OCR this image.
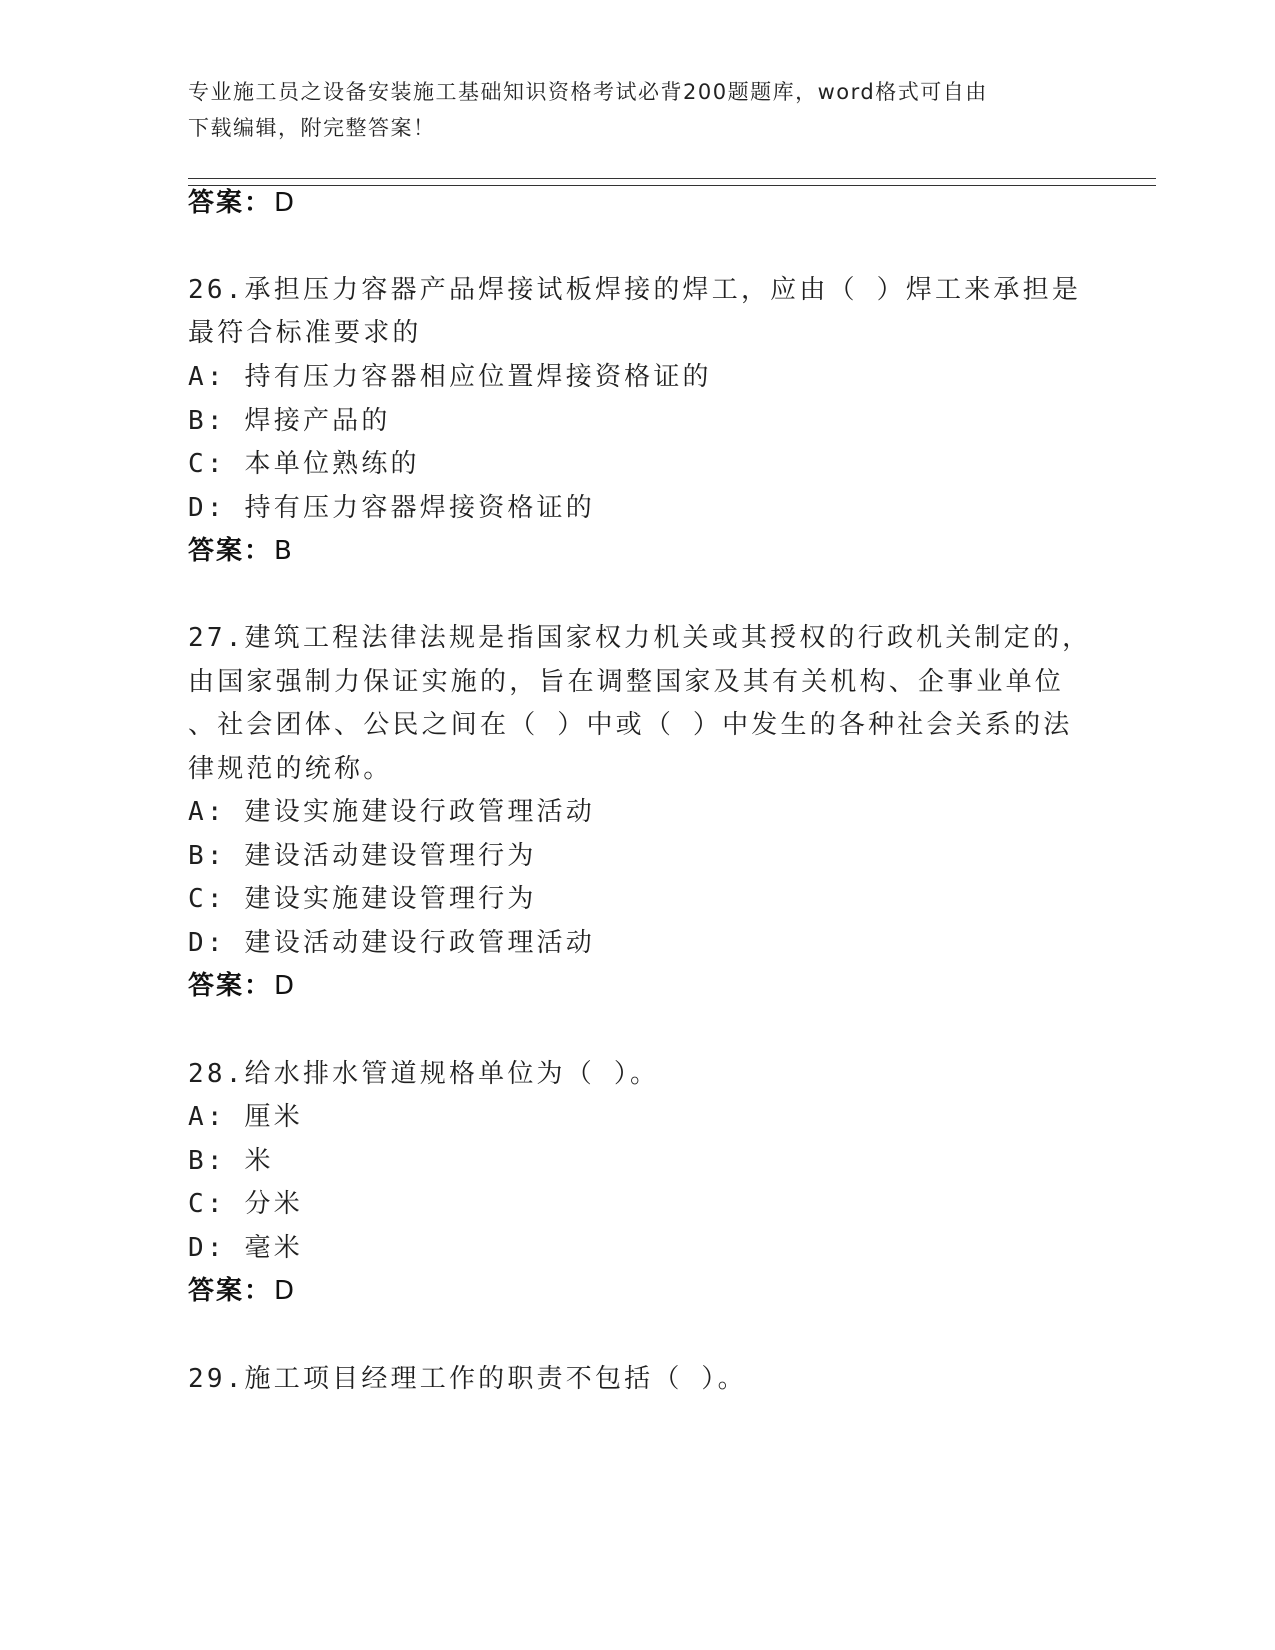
专业施工员之设备安装施工基础知识资格考试必背200题题库，word格式可自由
下载编辑，附完整答案！
答案：D
26.承担压力容器产品焊接试板焊接的焊工，应由（ ）焊工来承担是
最符合标准要求的
A: 持有压力容器相应位置焊接资格证的
B: 焊接产品的
C: 本单位熟练的
D: 持有压力容器焊接资格证的
答案：B
27.建筑工程法律法规是指国家权力机关或其授权的行政机关制定的，
由国家强制力保证实施的，旨在调整国家及其有关机构、企事业单位
、社会团体、公民之间在（ ）中或（ ）中发生的各种社会关系的法
律规范的统称。
A: 建设实施建设行政管理活动
B: 建设活动建设管理行为
C: 建设实施建设管理行为
D: 建设活动建设行政管理活动
答案：D
28.给水排水管道规格单位为（ ）。
A: 厘米
B: 米
C: 分米
D: 毫米
答案：D
29.施工项目经理工作的职责不包括（ ）。
